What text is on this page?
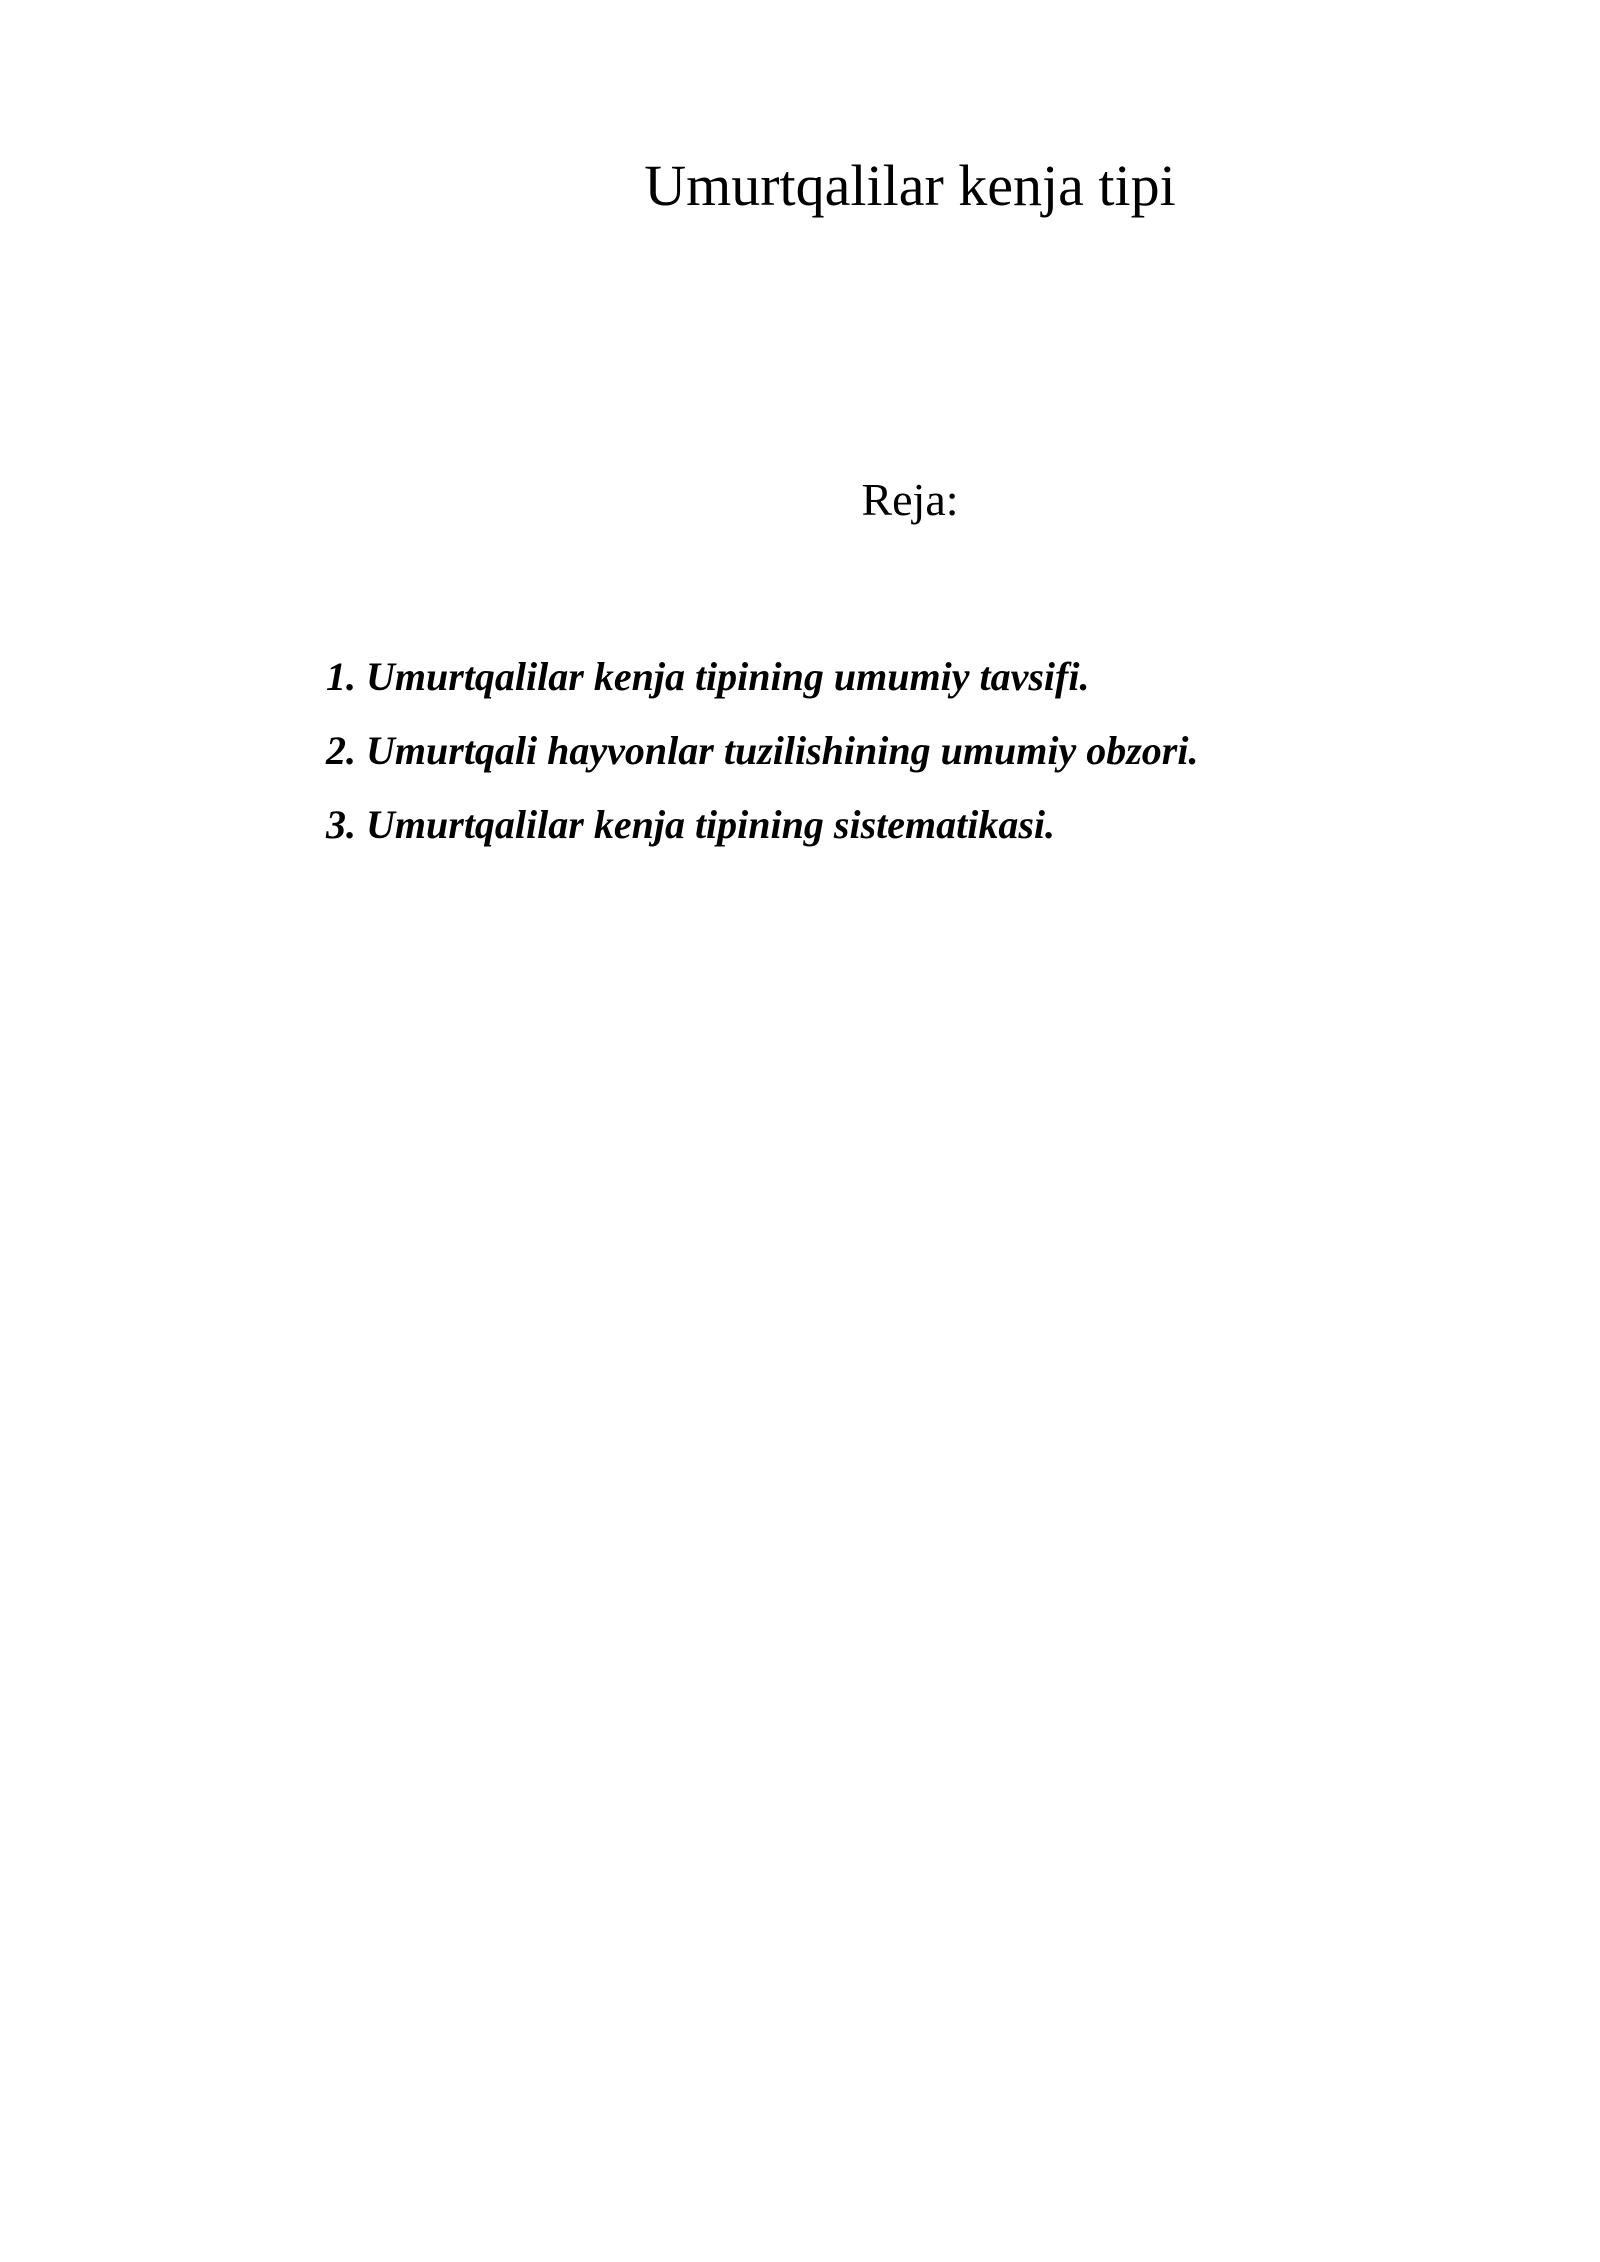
Umurtqalilar kenja tipi
Reja:
1. Umurtqalilar kenja tipining umumiy tavsifi.
2. Umurtqali hayvonlar tuzilishining umumiy obzori.
3. Umurtqalilar kenja tipining sistematikasi.
